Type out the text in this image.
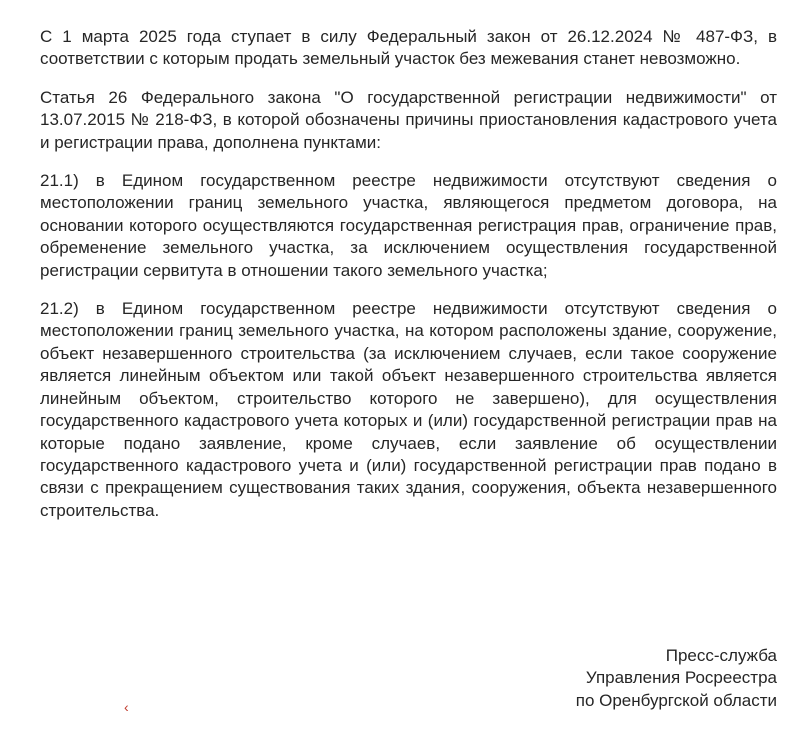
С 1 марта 2025 года ступает в силу Федеральный закон от 26.12.2024 № 487-ФЗ, в соответствии с которым продать земельный участок без межевания станет невозможно.

Статья 26 Федерального закона "О государственной регистрации недвижимости" от 13.07.2015 № 218-ФЗ, в которой обозначены причины приостановления кадастрового учета и регистрации права, дополнена пунктами:

21.1) в Едином государственном реестре недвижимости отсутствуют сведения о местоположении границ земельного участка, являющегося предметом договора, на основании которого осуществляются государственная регистрация прав, ограничение прав, обременение земельного участка, за исключением осуществления государственной регистрации сервитута в отношении такого земельного участка;

21.2) в Едином государственном реестре недвижимости отсутствуют сведения о местоположении границ земельного участка, на котором расположены здание, сооружение, объект незавершенного строительства (за исключением случаев, если такое сооружение является линейным объектом или такой объект незавершенного строительства является линейным объектом, строительство которого не завершено), для осуществления государственного кадастрового учета которых и (или) государственной регистрации прав на которые подано заявление, кроме случаев, если заявление об осуществлении государственного кадастрового учета и (или) государственной регистрации прав подано в связи с прекращением существования таких здания, сооружения, объекта незавершенного строительства.

Пресс-служба
Управления Росреестра
по Оренбургской области
‹
